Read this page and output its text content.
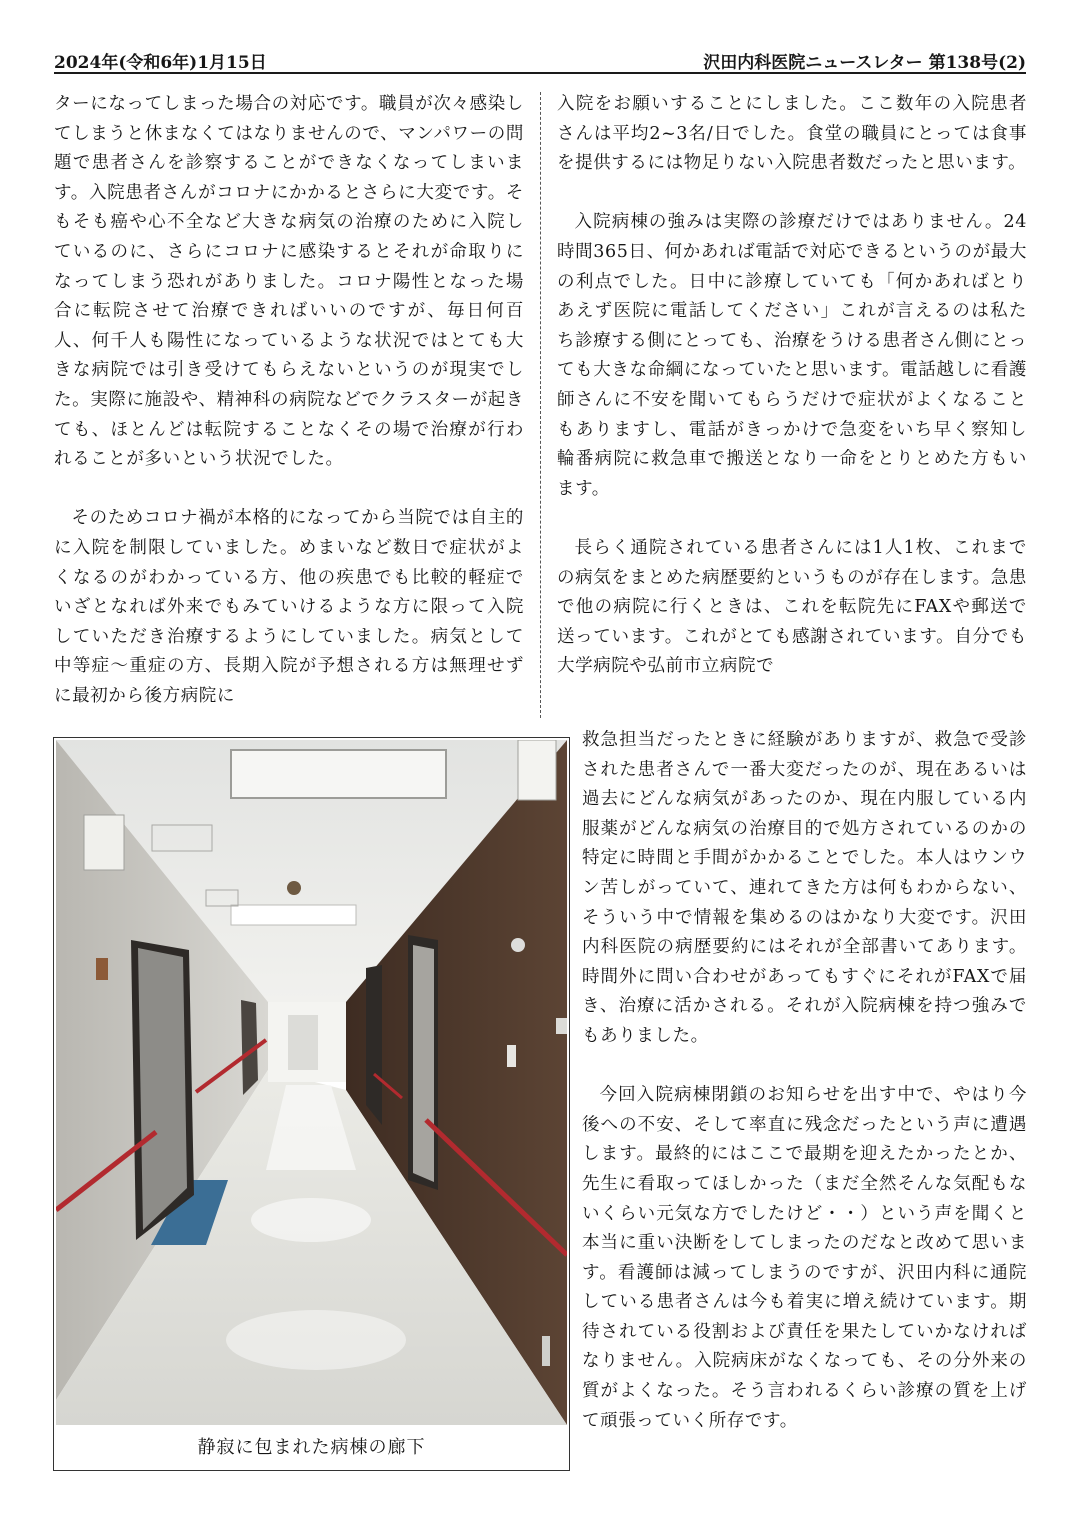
2024年(令和6年)1月15日	沢田内科医院ニュースレター 第138号(2)

ターになってしまった場合の対応です。職員が次々感染してしまうと休まなくてはなりませんので、マンパワーの問題で患者さんを診察することができなくなってしまいます。入院患者さんがコロナにかかるとさらに大変です。そもそも癌や心不全など大きな病気の治療のために入院しているのに、さらにコロナに感染するとそれが命取りになってしまう恐れがありました。コロナ陽性となった場合に転院させて治療できればいいのですが、毎日何百人、何千人も陽性になっているような状況ではとても大きな病院では引き受けてもらえないというのが現実でした。実際に施設や、精神科の病院などでクラスターが起きても、ほとんどは転院することなくその場で治療が行われることが多いという状況でした。

そのためコロナ禍が本格的になってから当院では自主的に入院を制限していました。めまいなど数日で症状がよくなるのがわかっている方、他の疾患でも比較的軽症でいざとなれば外来でもみていけるような方に限って入院していただき治療するようにしていました。病気として中等症〜重症の方、長期入院が予想される方は無理せずに最初から後方病院に

入院をお願いすることにしました。ここ数年の入院患者さんは平均2~3名/日でした。食堂の職員にとっては食事を提供するには物足りない入院患者数だったと思います。

入院病棟の強みは実際の診療だけではありません。24時間365日、何かあれば電話で対応できるというのが最大の利点でした。日中に診療していても「何かあればとりあえず医院に電話してください」これが言えるのは私たち診療する側にとっても、治療をうける患者さん側にとっても大きな命綱になっていたと思います。電話越しに看護師さんに不安を聞いてもらうだけで症状がよくなることもありますし、電話がきっかけで急変をいち早く察知し輪番病院に救急車で搬送となり一命をとりとめた方もいます。

長らく通院されている患者さんには1人1枚、これまでの病気をまとめた病歴要約というものが存在します。急患で他の病院に行くときは、これを転院先にFAXや郵送で送っています。これがとても感謝されています。自分でも大学病院や弘前市立病院で

静寂に包まれた病棟の廊下

救急担当だったときに経験がありますが、救急で受診された患者さんで一番大変だったのが、現在あるいは過去にどんな病気があったのか、現在内服している内服薬がどんな病気の治療目的で処方されているのかの特定に時間と手間がかかることでした。本人はウンウン苦しがっていて、連れてきた方は何もわからない、そういう中で情報を集めるのはかなり大変です。沢田内科医院の病歴要約にはそれが全部書いてあります。時間外に問い合わせがあってもすぐにそれがFAXで届き、治療に活かされる。それが入院病棟を持つ強みでもありました。

今回入院病棟閉鎖のお知らせを出す中で、やはり今後への不安、そして率直に残念だったという声に遭遇します。最終的にはここで最期を迎えたかったとか、先生に看取ってほしかった（まだ全然そんな気配もないくらい元気な方でしたけど・・）という声を聞くと本当に重い決断をしてしまったのだなと改めて思います。看護師は減ってしまうのですが、沢田内科に通院している患者さんは今も着実に増え続けています。期待されている役割および責任を果たしていかなければなりません。入院病床がなくなっても、その分外来の質がよくなった。そう言われるくらい診療の質を上げて頑張っていく所存です。
